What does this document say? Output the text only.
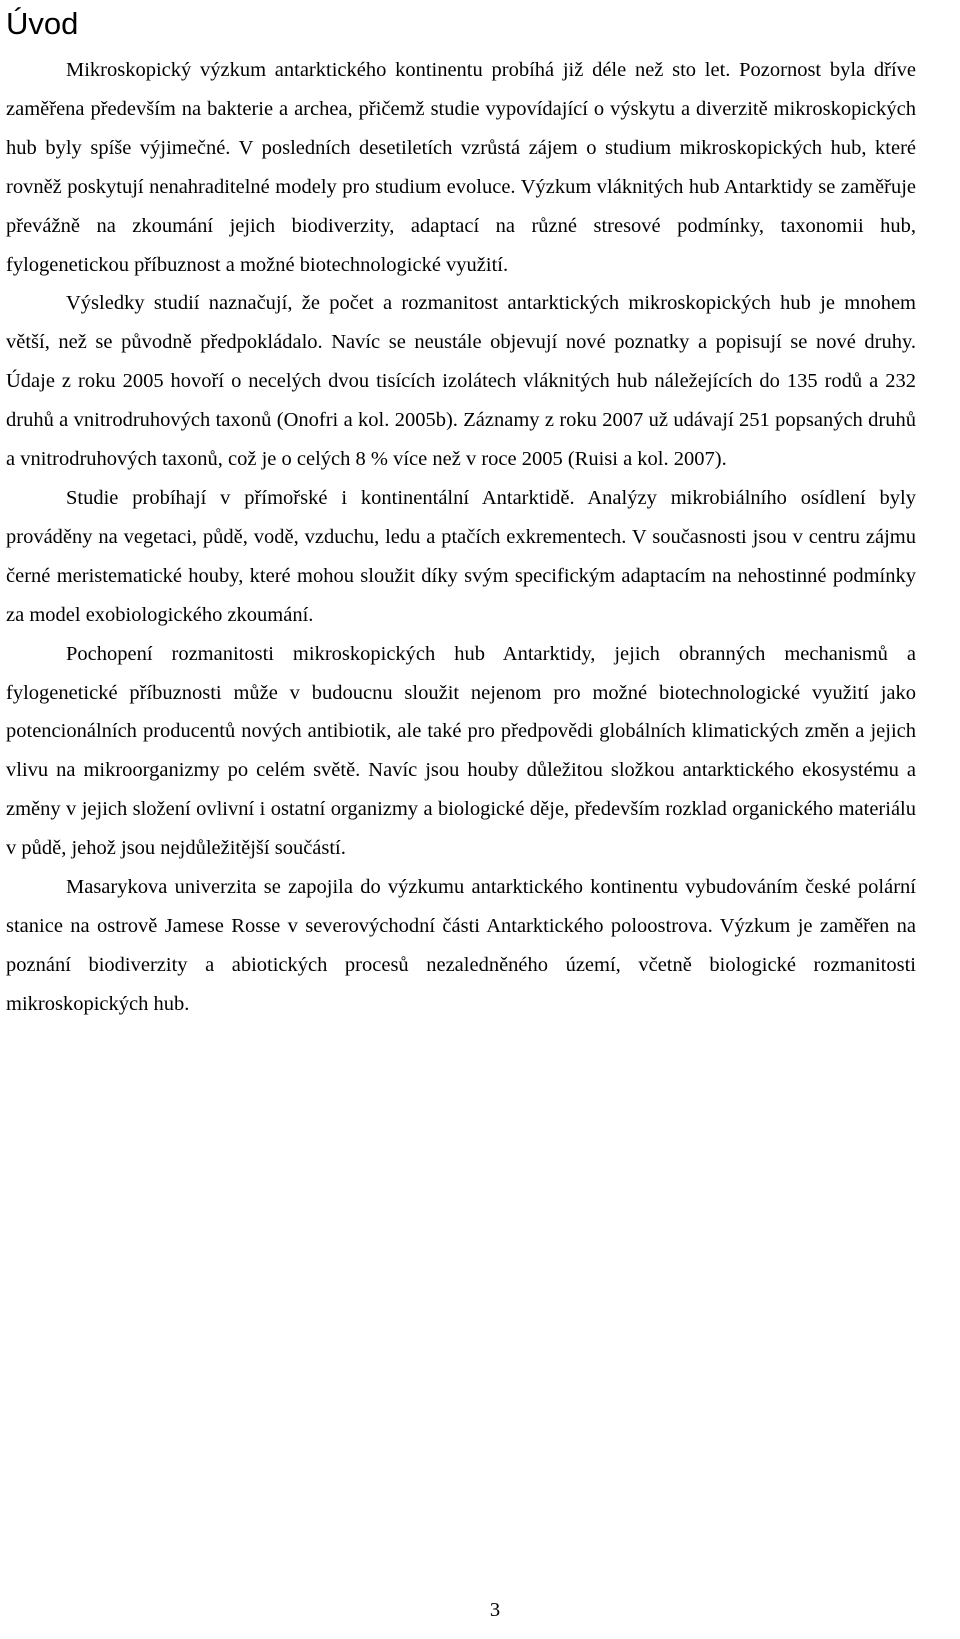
Úvod

Mikroskopický výzkum antarktického kontinentu probíhá již déle než sto let. Pozornost byla dříve zaměřena především na bakterie a archea, přičemž studie vypovídající o výskytu a diverzitě mikroskopických hub byly spíše výjimečné. V posledních desetiletích vzrůstá zájem o studium mikroskopických hub, které rovněž poskytují nenahraditelné modely pro studium evoluce. Výzkum vláknitých hub Antarktidy se zaměřuje převážně na zkoumání jejich biodiverzity, adaptací na různé stresové podmínky, taxonomii hub, fylogenetickou příbuznost a možné biotechnologické využití.

Výsledky studií naznačují, že počet a rozmanitost antarktických mikroskopických hub je mnohem větší, než se původně předpokládalo. Navíc se neustále objevují nové poznatky a popisují se nové druhy. Údaje z roku 2005 hovoří o necelých dvou tisících izolátech vláknitých hub náležejících do 135 rodů a 232 druhů a vnitrodruhových taxonů (Onofri a kol. 2005b). Záznamy z roku 2007 už udávají 251 popsaných druhů a vnitrodruhových taxonů, což je o celých 8 % více než v roce 2005 (Ruisi a kol. 2007).

Studie probíhají v přímořské i kontinentální Antarktidě. Analýzy mikrobiálního osídlení byly prováděny na vegetaci, půdě, vodě, vzduchu, ledu a ptačích exkrementech. V současnosti jsou v centru zájmu černé meristematické houby, které mohou sloužit díky svým specifickým adaptacím na nehostinné podmínky za model exobiologického zkoumání.

Pochopení rozmanitosti mikroskopických hub Antarktidy, jejich obranných mechanismů a fylogenetické příbuznosti může v budoucnu sloužit nejenom pro možné biotechnologické využití jako potencionálních producentů nových antibiotik, ale také pro předpovědi globálních klimatických změn a jejich vlivu na mikroorganizmy po celém světě. Navíc jsou houby důležitou složkou antarktického ekosystému a změny v jejich složení ovlivní i ostatní organizmy a biologické děje, především rozklad organického materiálu v půdě, jehož jsou nejdůležitější součástí.

Masarykova univerzita se zapojila do výzkumu antarktického kontinentu vybudováním české polární stanice na ostrově Jamese Rosse v severovýchodní části Antarktického poloostrova. Výzkum je zaměřen na poznání biodiverzity a abiotických procesů nezaledněného území, včetně biologické rozmanitosti mikroskopických hub.

3
